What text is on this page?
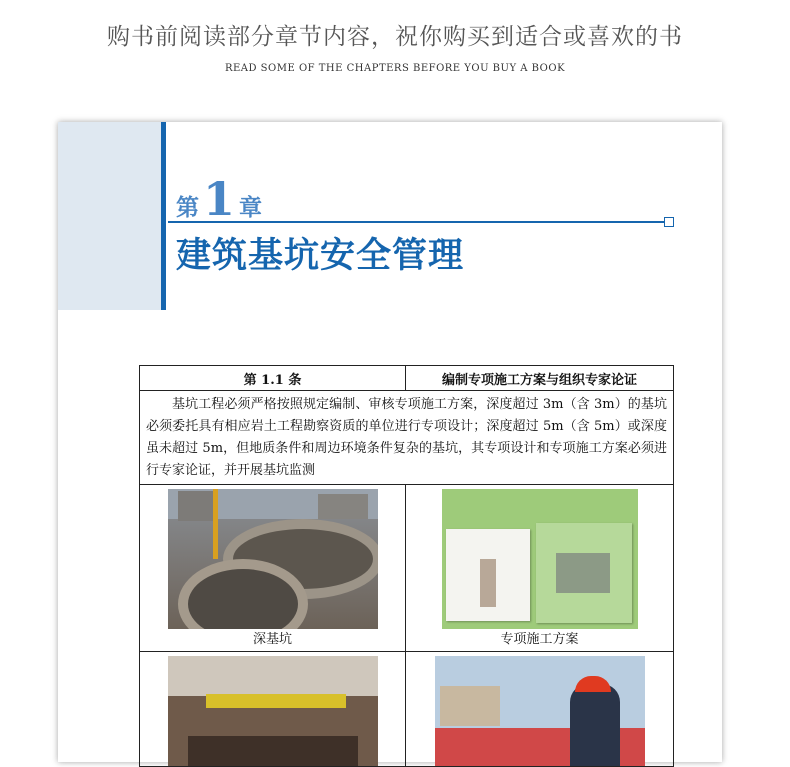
购书前阅读部分章节内容，祝你购买到适合或喜欢的书
READ SOME OF THE CHAPTERS BEFORE YOU BUY A BOOK
第1 章
建筑基坑安全管理
第 1.1 条	编制专项施工方案与组织专家论证
基坑工程必须严格按照规定编制、审核专项施工方案，深度超过 3m（含 3m）的基坑必须委托具有相应岩土工程勘察资质的单位进行专项设计；深度超过 5m（含 5m）或深度虽未超过 5m，但地质条件和周边环境条件复杂的基坑，其专项设计和专项施工方案必须进行专家论证，并开展基坑监测	

深基坑	专项施工方案
